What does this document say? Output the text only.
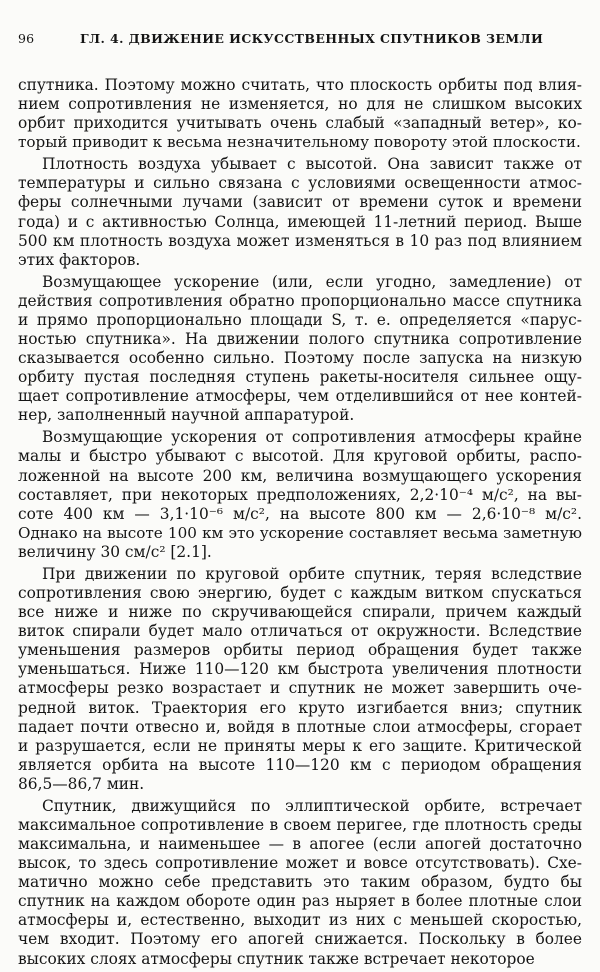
96	ГЛ. 4. ДВИЖЕНИЕ ИСКУССТВЕННЫХ СПУТНИКОВ ЗЕМЛИ
спутника. Поэтому можно считать, что плоскость орбиты под влия-
нием сопротивления не изменяется, но для не слишком высоких
орбит приходится учитывать очень слабый «западный ветер», ко-
торый приводит к весьма незначительному повороту этой плоскости.
Плотность воздуха убывает с высотой. Она зависит также от
температуры и сильно связана с условиями освещенности атмос-
феры солнечными лучами (зависит от времени суток и времени
года) и с активностью Солнца, имеющей 11-летний период. Выше
500 км плотность воздуха может изменяться в 10 раз под влиянием
этих факторов.
Возмущающее ускорение (или, если угодно, замедление) от
действия сопротивления обратно пропорционально массе спутника
и прямо пропорционально площади S, т. е. определяется «парус-
ностью спутника». На движении полого спутника сопротивление
сказывается особенно сильно. Поэтому после запуска на низкую
орбиту пустая последняя ступень ракеты-носителя сильнее ощу-
щает сопротивление атмосферы, чем отделившийся от нее контей-
нер, заполненный научной аппаратурой.
Возмущающие ускорения от сопротивления атмосферы крайне
малы и быстро убывают с высотой. Для круговой орбиты, распо-
ложенной на высоте 200 км, величина возмущающего ускорения
составляет, при некоторых предположениях, 2,2·10⁻⁴ м/с², на вы-
соте 400 км — 3,1·10⁻⁶ м/с², на высоте 800 км — 2,6·10⁻⁸ м/с².
Однако на высоте 100 км это ускорение составляет весьма заметную
величину 30 см/с² [2.1].
При движении по круговой орбите спутник, теряя вследствие
сопротивления свою энергию, будет с каждым витком спускаться
все ниже и ниже по скручивающейся спирали, причем каждый
виток спирали будет мало отличаться от окружности. Вследствие
уменьшения размеров орбиты период обращения будет также
уменьшаться. Ниже 110—120 км быстрота увеличения плотности
атмосферы резко возрастает и спутник не может завершить оче-
редной виток. Траектория его круто изгибается вниз; спутник
падает почти отвесно и, войдя в плотные слои атмосферы, сгорает
и разрушается, если не приняты меры к его защите. Критической
является орбита на высоте 110—120 км с периодом обращения
86,5—86,7 мин.
Спутник, движущийся по эллиптической орбите, встречает
максимальное сопротивление в своем перигее, где плотность среды
максимальна, и наименьшее — в апогее (если апогей достаточно
высок, то здесь сопротивление может и вовсе отсутствовать). Схе-
матично можно себе представить это таким образом, будто бы
спутник на каждом обороте один раз ныряет в более плотные слои
атмосферы и, естественно, выходит из них с меньшей скоростью,
чем входит. Поэтому его апогей снижается. Поскольку в более
высоких слоях атмосферы спутник также встречает некоторое
